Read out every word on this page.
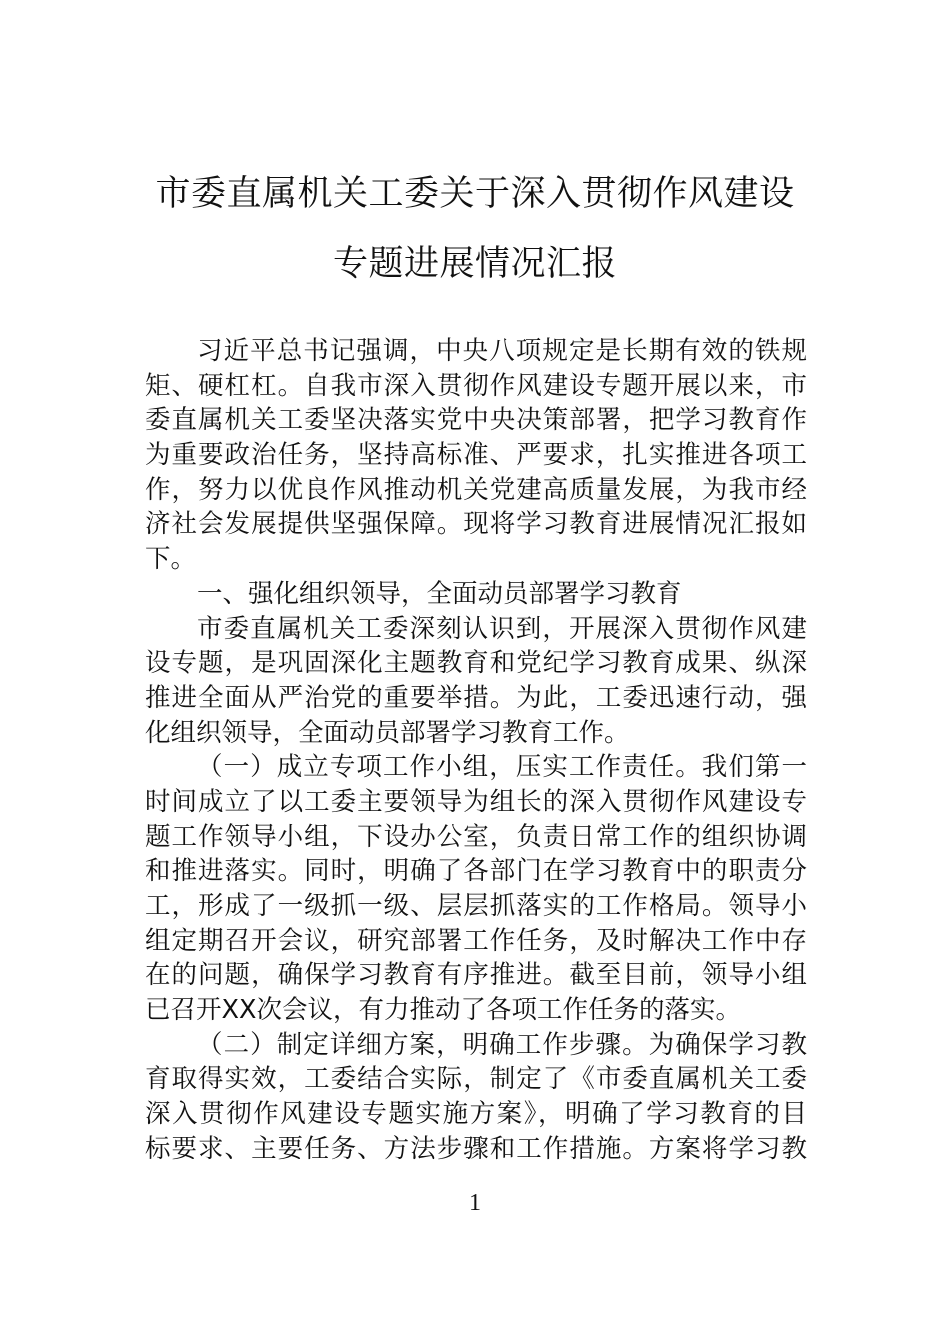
市委直属机关工委关于深入贯彻作风建设
专题进展情况汇报
习近平总书记强调，中央八项规定是长期有效的铁规
矩、硬杠杠。自我市深入贯彻作风建设专题开展以来，市
委直属机关工委坚决落实党中央决策部署，把学习教育作
为重要政治任务，坚持高标准、严要求，扎实推进各项工
作，努力以优良作风推动机关党建高质量发展，为我市经
济社会发展提供坚强保障。现将学习教育进展情况汇报如
下。
一、强化组织领导，全面动员部署学习教育
市委直属机关工委深刻认识到，开展深入贯彻作风建
设专题，是巩固深化主题教育和党纪学习教育成果、纵深
推进全面从严治党的重要举措。为此，工委迅速行动，强
化组织领导，全面动员部署学习教育工作。
（一）成立专项工作小组，压实工作责任。我们第一
时间成立了以工委主要领导为组长的深入贯彻作风建设专
题工作领导小组，下设办公室，负责日常工作的组织协调
和推进落实。同时，明确了各部门在学习教育中的职责分
工，形成了一级抓一级、层层抓落实的工作格局。领导小
组定期召开会议，研究部署工作任务，及时解决工作中存
在的问题，确保学习教育有序推进。截至目前，领导小组
已召开XX次会议，有力推动了各项工作任务的落实。
（二）制定详细方案，明确工作步骤。为确保学习教
育取得实效，工委结合实际，制定了《市委直属机关工委
深入贯彻作风建设专题实施方案》，明确了学习教育的目
标要求、主要任务、方法步骤和工作措施。方案将学习教
1
